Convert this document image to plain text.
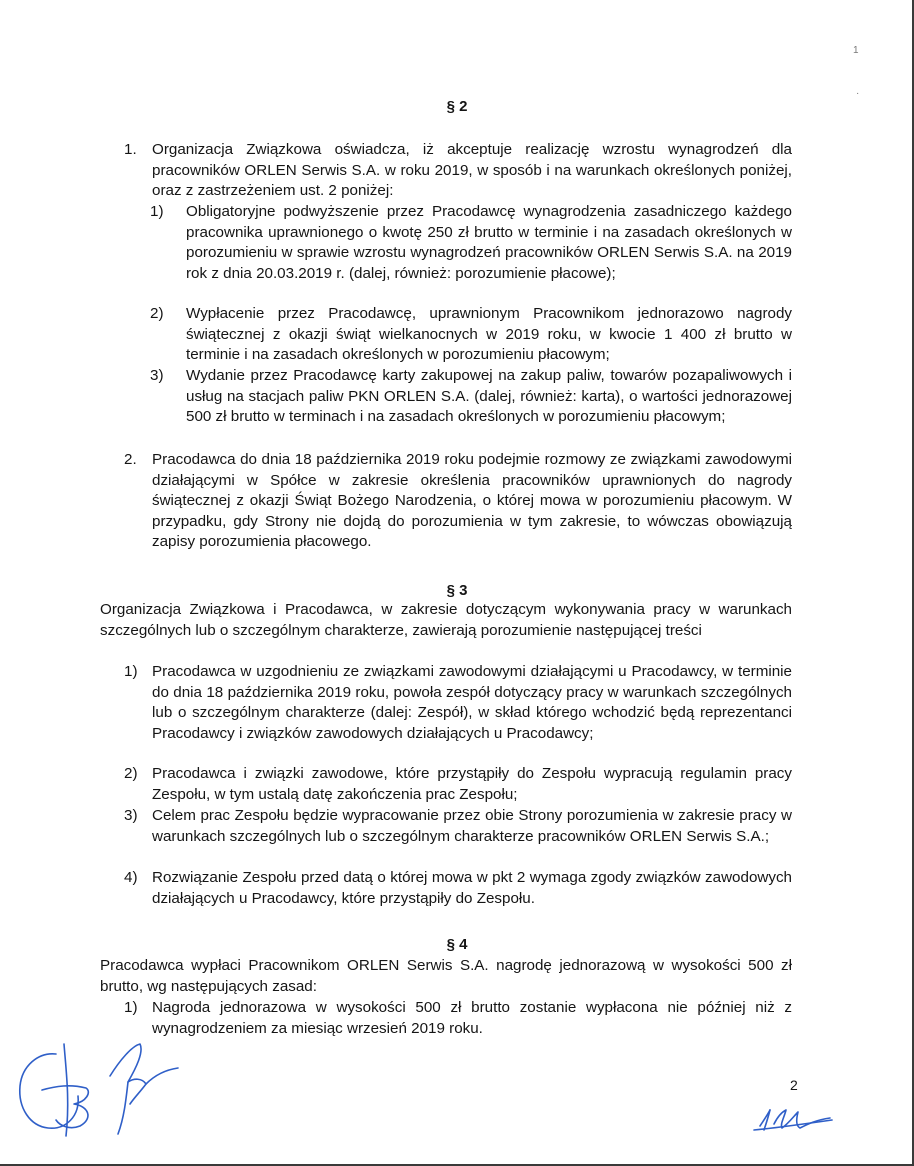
1
·
§ 2
1. Organizacja Związkowa oświadcza, iż akceptuje realizację wzrostu wynagrodzeń dla pracowników ORLEN Serwis S.A. w roku 2019, w sposób i na warunkach określonych poniżej, oraz z zastrzeżeniem ust. 2 poniżej:
1) Obligatoryjne podwyższenie przez Pracodawcę wynagrodzenia zasadniczego każdego pracownika uprawnionego o kwotę 250 zł brutto w terminie i na zasadach określonych w porozumieniu w sprawie wzrostu wynagrodzeń pracowników ORLEN Serwis S.A. na 2019 rok z dnia 20.03.2019 r. (dalej, również: porozumienie płacowe);
2) Wypłacenie przez Pracodawcę, uprawnionym Pracownikom jednorazowo nagrody świątecznej z okazji świąt wielkanocnych w 2019 roku, w kwocie 1 400 zł brutto w terminie i na zasadach określonych w porozumieniu płacowym;
3) Wydanie przez Pracodawcę karty zakupowej na zakup paliw, towarów pozapaliwowych i usług na stacjach paliw PKN ORLEN S.A. (dalej, również: karta), o wartości jednorazowej 500 zł brutto w terminach i na zasadach określonych w porozumieniu płacowym;
2. Pracodawca do dnia 18 października 2019 roku podejmie rozmowy ze związkami zawodowymi działającymi w Spółce w zakresie określenia pracowników uprawnionych do nagrody świątecznej z okazji Świąt Bożego Narodzenia, o której mowa w porozumieniu płacowym. W przypadku, gdy Strony nie dojdą do porozumienia w tym zakresie, to wówczas obowiązują zapisy porozumienia płacowego.
§ 3
Organizacja Związkowa i Pracodawca, w zakresie dotyczącym wykonywania pracy w warunkach szczególnych lub o szczególnym charakterze, zawierają porozumienie następującej treści
1) Pracodawca w uzgodnieniu ze związkami zawodowymi działającymi u Pracodawcy, w terminie do dnia 18 października 2019 roku, powoła zespół dotyczący pracy w warunkach szczególnych lub o szczególnym charakterze (dalej: Zespół), w skład którego wchodzić będą reprezentanci Pracodawcy i związków zawodowych działających u Pracodawcy;
2) Pracodawca i związki zawodowe, które przystąpiły do Zespołu wypracują regulamin pracy Zespołu, w tym ustalą datę zakończenia prac Zespołu;
3) Celem prac Zespołu będzie wypracowanie przez obie Strony porozumienia w zakresie pracy w warunkach szczególnych lub o szczególnym charakterze pracowników ORLEN Serwis S.A.;
4) Rozwiązanie Zespołu przed datą o której mowa w pkt 2 wymaga zgody związków zawodowych działających u Pracodawcy, które przystąpiły do Zespołu.
§ 4
Pracodawca wypłaci Pracownikom ORLEN Serwis S.A. nagrodę jednorazową w wysokości 500 zł brutto, wg następujących zasad:
1) Nagroda jednorazowa w wysokości 500 zł brutto zostanie wypłacona nie później niż z wynagrodzeniem za miesiąc wrzesień 2019 roku.
2
